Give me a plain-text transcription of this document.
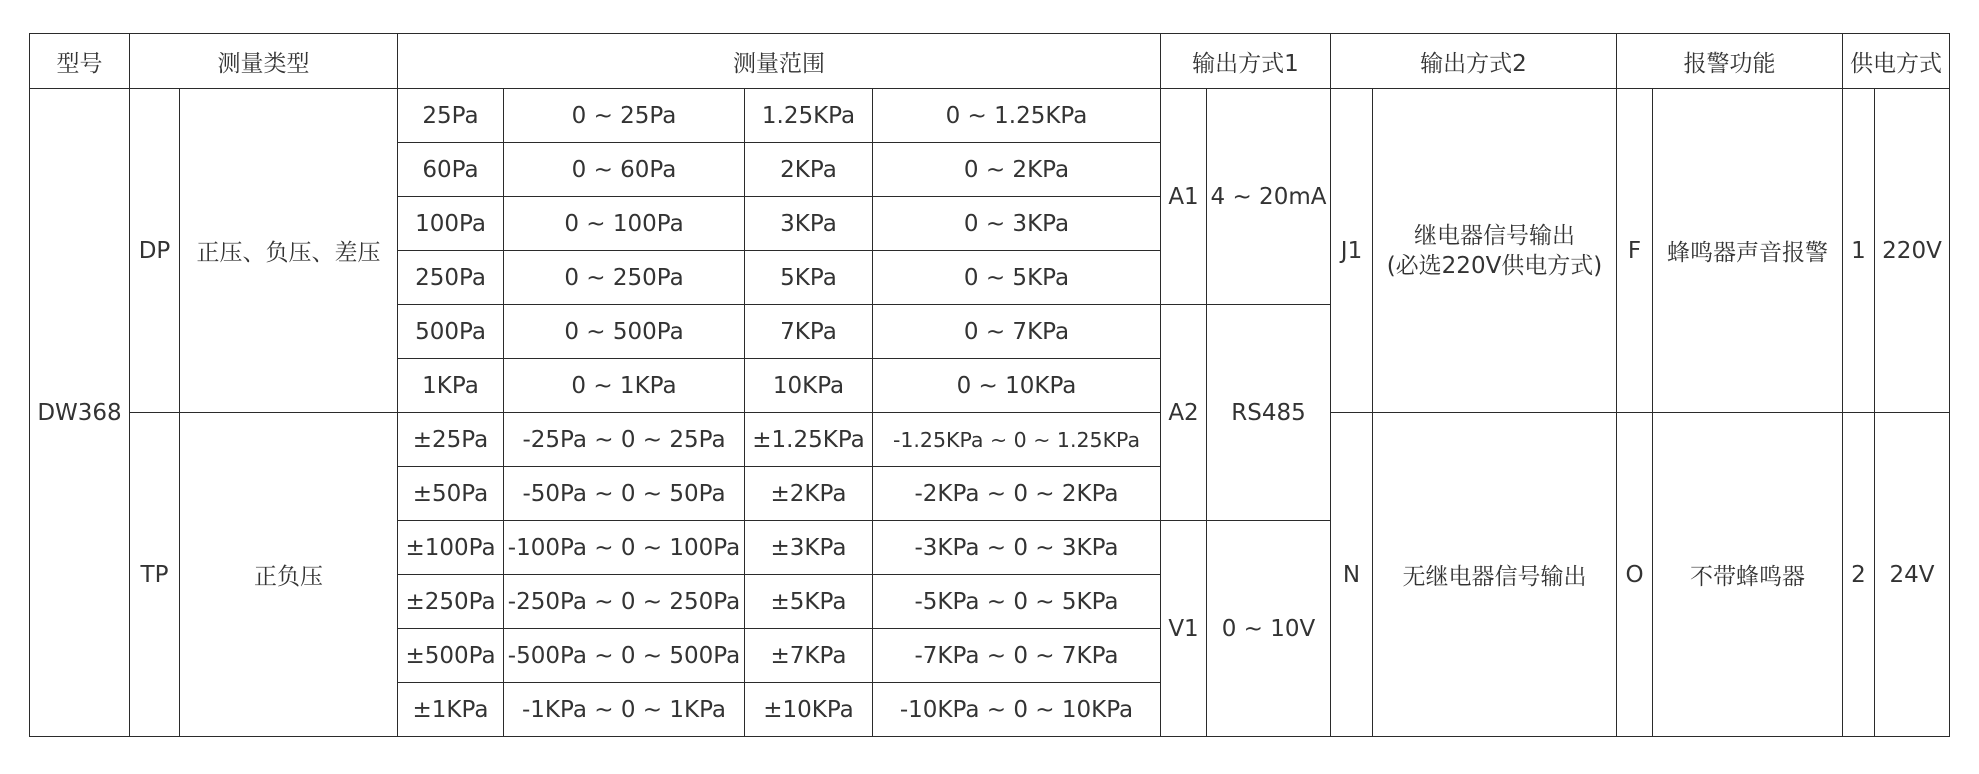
型号	测量类型		测量范围				输出方式1		输出方式2		报警功能		供电方式	
DW368	DP	正压、负压、差压	25Pa	0 ~ 25Pa	1.25KPa	0 ~ 1.25KPa	A1	4 ~ 20mA	J1	继电器信号输出
(必选220V供电方式)	F	蜂鸣器声音报警	1	220V
			60Pa	0 ~ 60Pa	2KPa	0 ~ 2KPa								
			100Pa	0 ~ 100Pa	3KPa	0 ~ 3KPa								
			250Pa	0 ~ 250Pa	5KPa	0 ~ 5KPa								
			500Pa	0 ~ 500Pa	7KPa	0 ~ 7KPa	A2	RS485						
			1KPa	0 ~ 1KPa	10KPa	0 ~ 10KPa								
	TP	正负压	±25Pa	-25Pa ~ 0 ~ 25Pa	±1.25KPa	-1.25KPa ~ 0 ~ 1.25KPa			N	无继电器信号输出	O	不带蜂鸣器	2	24V
			±50Pa	-50Pa ~ 0 ~ 50Pa	±2KPa	-2KPa ~ 0 ~ 2KPa								
			±100Pa	-100Pa ~ 0 ~ 100Pa	±3KPa	-3KPa ~ 0 ~ 3KPa	V1	0 ~ 10V						
			±250Pa	-250Pa ~ 0 ~ 250Pa	±5KPa	-5KPa ~ 0 ~ 5KPa								
			±500Pa	-500Pa ~ 0 ~ 500Pa	±7KPa	-7KPa ~ 0 ~ 7KPa								
			±1KPa	-1KPa ~ 0 ~ 1KPa	±10KPa	-10KPa ~ 0 ~ 10KPa								
